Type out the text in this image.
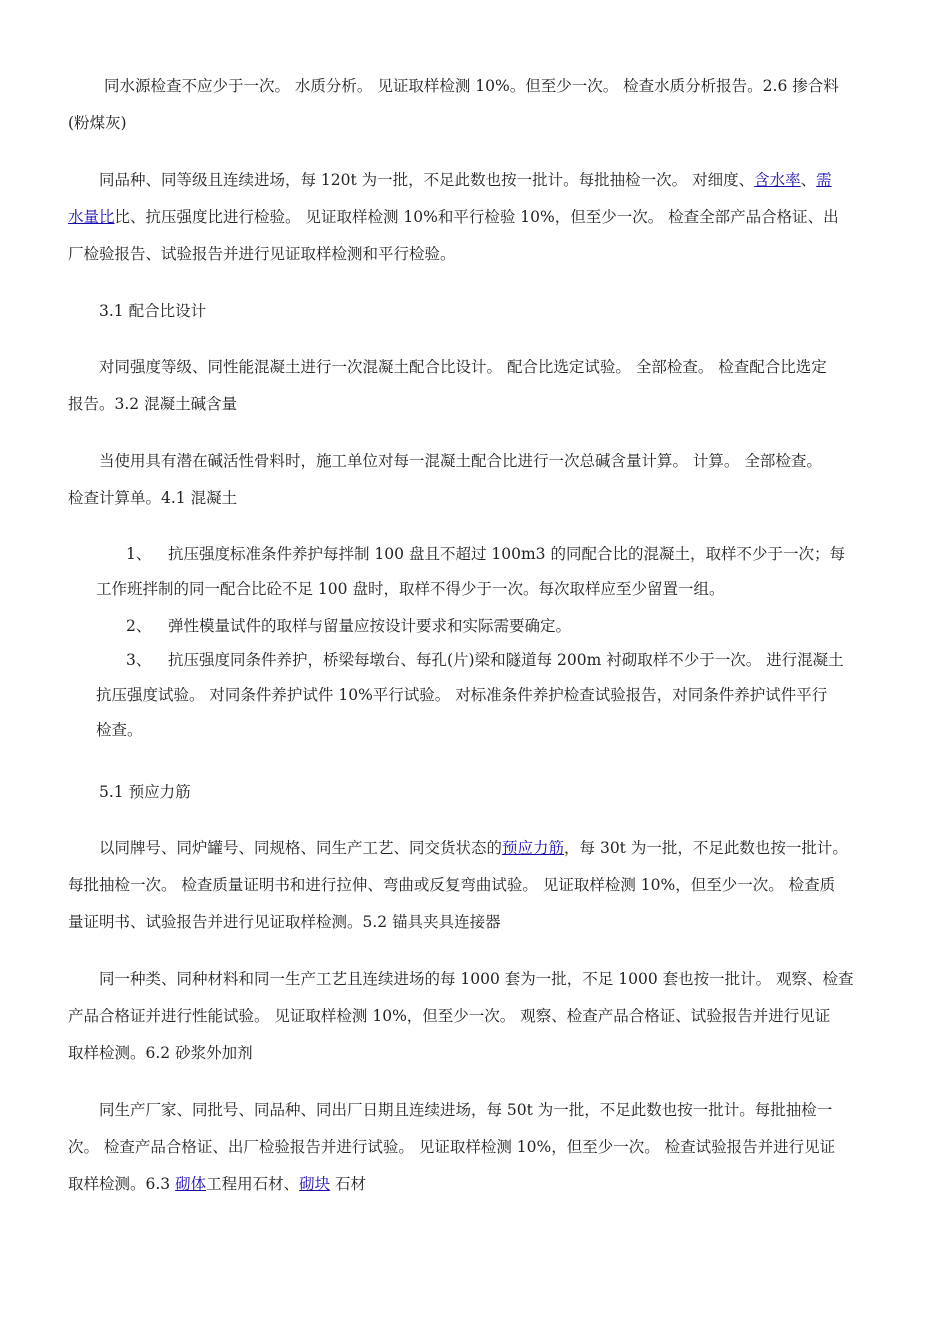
同水源检查不应少于一次。 水质分析。 见证取样检测 10%。但至少一次。 检查水质分析报告。2.6 掺合料
(粉煤灰)
同品种、同等级且连续进场，每 120t 为一批，不足此数也按一批计。每批抽检一次。 对细度、含水率、需
水量比比、抗压强度比进行检验。 见证取样检测 10%和平行检验 10%，但至少一次。 检查全部产品合格证、出
厂检验报告、试验报告并进行见证取样检测和平行检验。
3.1 配合比设计
对同强度等级、同性能混凝土进行一次混凝土配合比设计。 配合比选定试验。 全部检查。 检查配合比选定
报告。3.2 混凝土碱含量
当使用具有潜在碱活性骨料时，施工单位对每一混凝土配合比进行一次总碱含量计算。 计算。 全部检查。
检查计算单。4.1 混凝土
1、 抗压强度标准条件养护每拌制 100 盘且不超过 100m3 的同配合比的混凝土，取样不少于一次；每
工作班拌制的同一配合比砼不足 100 盘时，取样不得少于一次。每次取样应至少留置一组。
2、 弹性模量试件的取样与留量应按设计要求和实际需要确定。
3、 抗压强度同条件养护，桥梁每墩台、每孔(片)梁和隧道每 200m 衬砌取样不少于一次。 进行混凝土
抗压强度试验。 对同条件养护试件 10%平行试验。 对标准条件养护检查试验报告，对同条件养护试件平行
检查。
5.1 预应力筋
以同牌号、同炉罐号、同规格、同生产工艺、同交货状态的预应力筋，每 30t 为一批，不足此数也按一批计。
每批抽检一次。 检查质量证明书和进行拉伸、弯曲或反复弯曲试验。 见证取样检测 10%，但至少一次。 检查质
量证明书、试验报告并进行见证取样检测。5.2 锚具夹具连接器
同一种类、同种材料和同一生产工艺且连续进场的每 1000 套为一批，不足 1000 套也按一批计。 观察、检查
产品合格证并进行性能试验。 见证取样检测 10%，但至少一次。 观察、检查产品合格证、试验报告并进行见证
取样检测。6.2 砂浆外加剂
同生产厂家、同批号、同品种、同出厂日期且连续进场，每 50t 为一批，不足此数也按一批计。每批抽检一
次。 检查产品合格证、出厂检验报告并进行试验。 见证取样检测 10%，但至少一次。 检查试验报告并进行见证
取样检测。6.3 砌体工程用石材、砌块 石材
